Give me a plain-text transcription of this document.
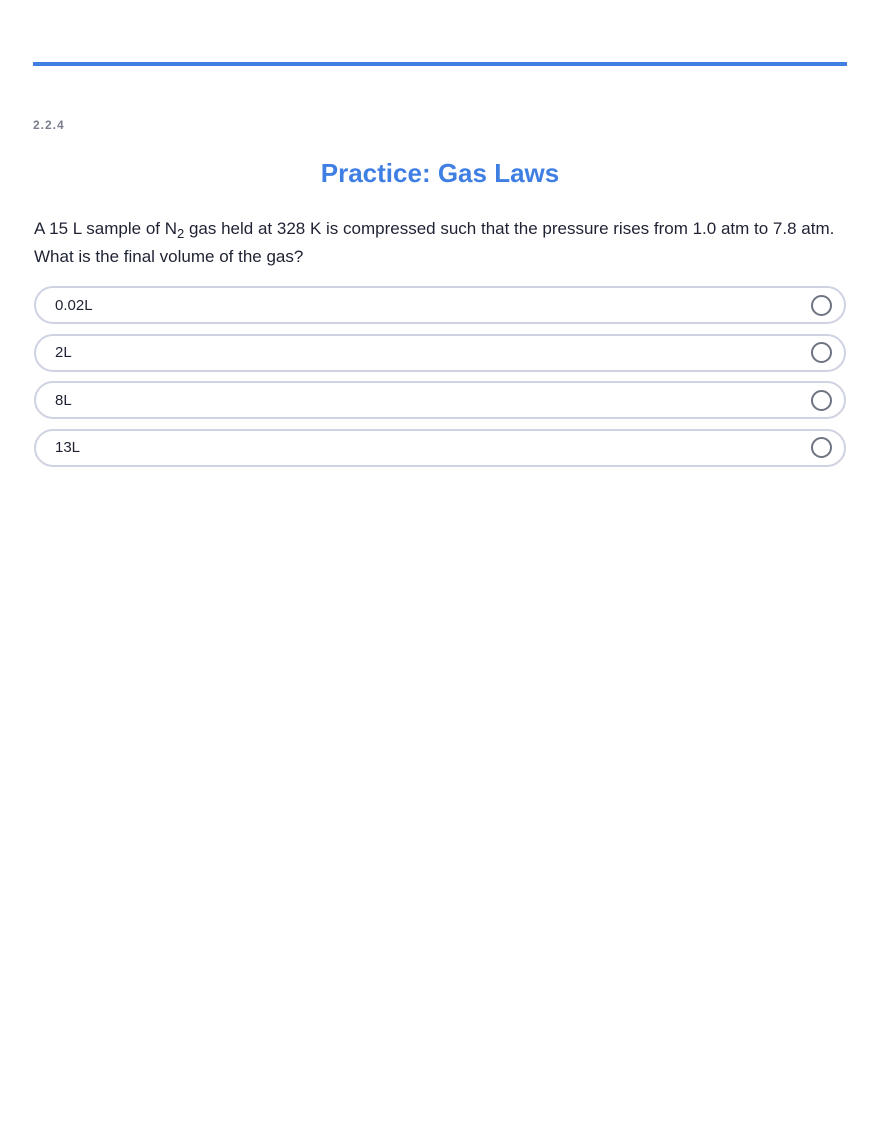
2.2.4
Practice: Gas Laws

A 15 L sample of $N_2$ gas held at 328 K is compressed such that the pressure rises from 1.0 atm to 7.8 atm. What is the final volume of the gas?

0.02L
2L
8L
13L
